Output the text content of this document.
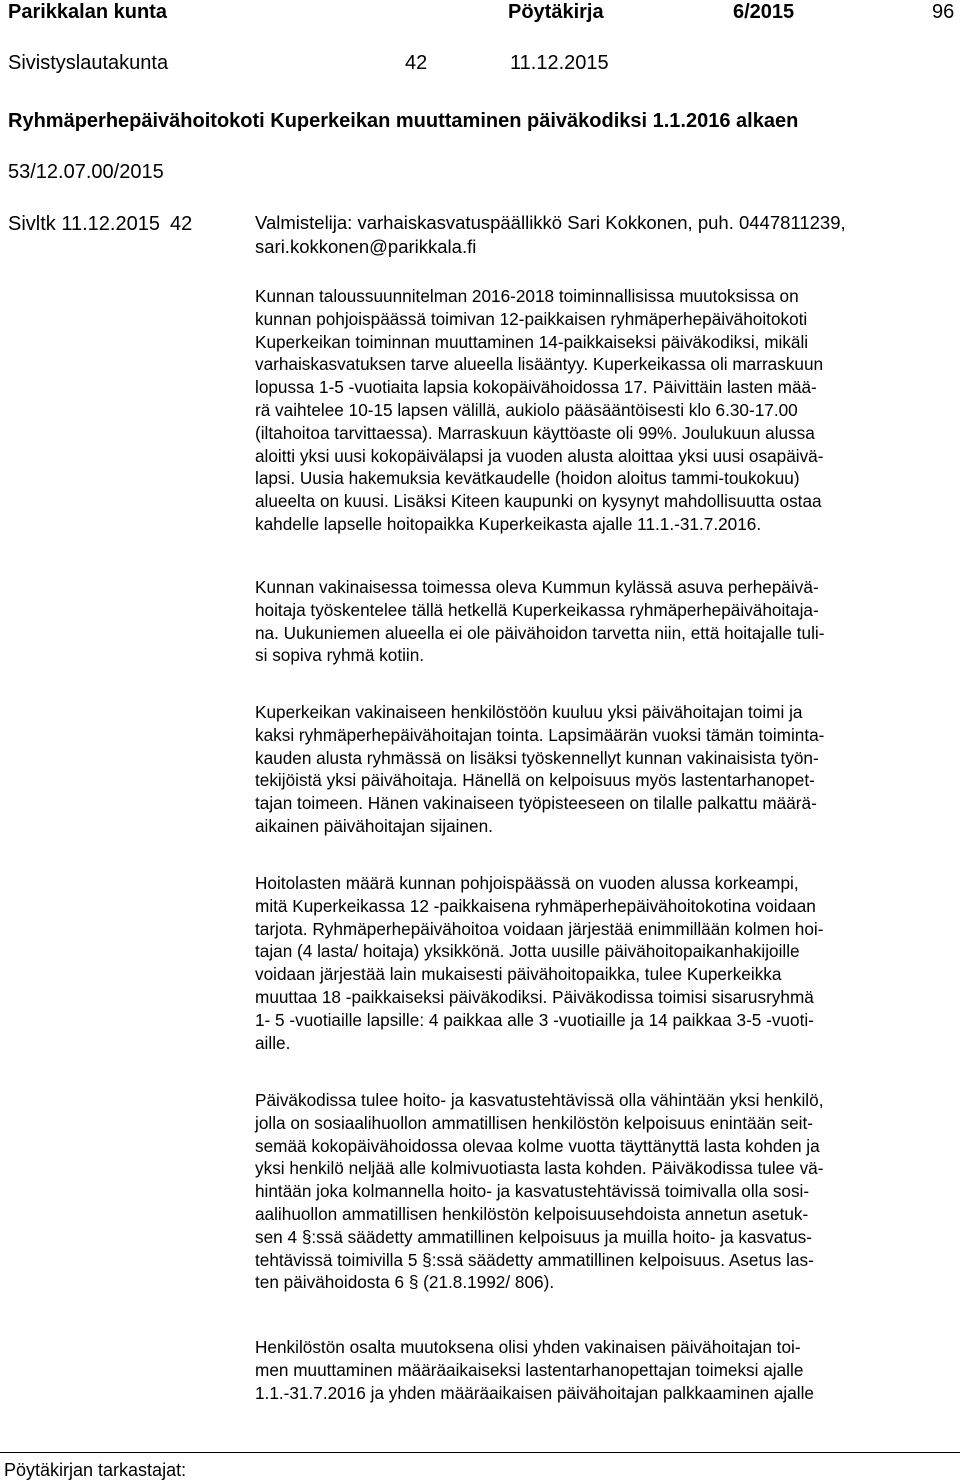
Parikkalan kunta	Pöytäkirja	6/2015	96
Sivistyslautakunta	42	11.12.2015
Ryhmäperhepäivähoitokoti Kuperkeikan muuttaminen päiväkodiksi 1.1.2016 alkaen
53/12.07.00/2015
Sivltk 11.12.2015 42	Valmistelija: varhaiskasvatuspäällikkö Sari Kokkonen, puh. 0447811239,
sari.kokkonen@parikkala.fi
Kunnan taloussuunnitelman 2016-2018 toiminnallisissa muutoksissa on
kunnan pohjoispäässä toimivan 12-paikkaisen ryhmäperhepäivähoitokoti
Kuperkeikan toiminnan muuttaminen 14-paikkaiseksi päiväkodiksi, mikäli
varhaiskasvatuksen tarve alueella lisääntyy. Kuperkeikassa oli marraskuun
lopussa 1-5 -vuotiaita lapsia kokopäivähoidossa 17. Päivittäin lasten mää-
rä vaihtelee 10-15 lapsen välillä, aukiolo pääsääntöisesti klo 6.30-17.00
(iltahoitoa tarvittaessa). Marraskuun käyttöaste oli 99%. Joulukuun alussa
aloitti yksi uusi kokopäivälapsi ja vuoden alusta aloittaa yksi uusi osapäivä-
lapsi. Uusia hakemuksia kevätkaudelle (hoidon aloitus tammi-toukokuu)
alueelta on kuusi. Lisäksi Kiteen kaupunki on kysynyt mahdollisuutta ostaa
kahdelle lapselle hoitopaikka Kuperkeikasta ajalle 11.1.-31.7.2016.
Kunnan vakinaisessa toimessa oleva Kummun kylässä asuva perhepäivä-
hoitaja työskentelee tällä hetkellä Kuperkeikassa ryhmäperhepäivähoitaja-
na. Uukuniemen alueella ei ole päivähoidon tarvetta niin, että hoitajalle tuli-
si sopiva ryhmä kotiin.
Kuperkeikan vakinaiseen henkilöstöön kuuluu yksi päivähoitajan toimi ja
kaksi ryhmäperhepäivähoitajan tointa. Lapsimäärän vuoksi tämän toiminta-
kauden alusta ryhmässä on lisäksi työskennellyt kunnan vakinaisista työn-
tekijöistä yksi päivähoitaja. Hänellä on kelpoisuus myös lastentarhanopet-
tajan toimeen. Hänen vakinaiseen työpisteeseen on tilalle palkattu määrä-
aikainen päivähoitajan sijainen.
Hoitolasten määrä kunnan pohjoispäässä on vuoden alussa korkeampi,
mitä Kuperkeikassa 12 -paikkaisena ryhmäperhepäivähoitokotina voidaan
tarjota. Ryhmäperhepäivähoitoa voidaan järjestää enimmillään kolmen hoi-
tajan (4 lasta/ hoitaja) yksikkönä. Jotta uusille päivähoitopaikanhakijoille
voidaan järjestää lain mukaisesti päivähoitopaikka, tulee Kuperkeikka
muuttaa 18 -paikkaiseksi päiväkodiksi. Päiväkodissa toimisi sisarusryhmä
1- 5 -vuotiaille lapsille: 4 paikkaa alle 3 -vuotiaille ja 14 paikkaa 3-5 -vuoti-
aille.
Päiväkodissa tulee hoito- ja kasvatustehtävissä olla vähintään yksi henkilö,
jolla on sosiaalihuollon ammatillisen henkilöstön kelpoisuus enintään seit-
semää kokopäivähoidossa olevaa kolme vuotta täyttänyttä lasta kohden ja
yksi henkilö neljää alle kolmivuotiasta lasta kohden. Päiväkodissa tulee vä-
hintään joka kolmannella hoito- ja kasvatustehtävissä toimivalla olla sosi-
aalihuollon ammatillisen henkilöstön kelpoisuusehdoista annetun asetuk-
sen 4 §:ssä säädetty ammatillinen kelpoisuus ja muilla hoito- ja kasvatus-
tehtävissä toimivilla 5 §:ssä säädetty ammatillinen kelpoisuus. Asetus las-
ten päivähoidosta 6 § (21.8.1992/ 806).
Henkilöstön osalta muutoksena olisi yhden vakinaisen päivähoitajan toi-
men muuttaminen määräaikaiseksi lastentarhanopettajan toimeksi ajalle
1.1.-31.7.2016 ja yhden määräaikaisen päivähoitajan palkkaaminen ajalle
Pöytäkirjan tarkastajat:
